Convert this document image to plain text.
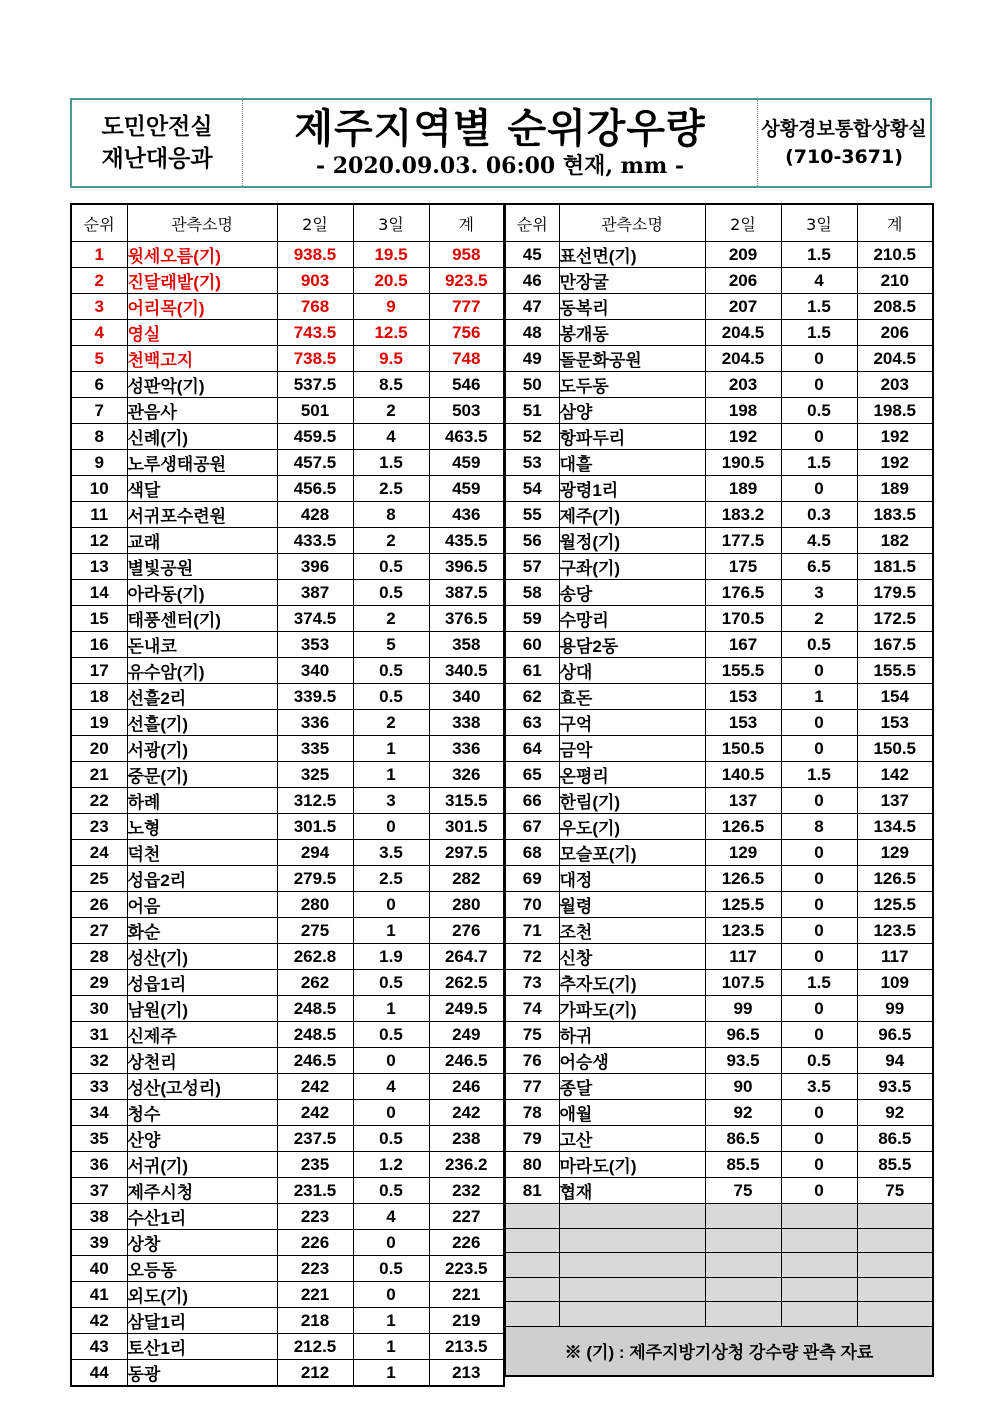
도민안전실
재난대응과
제주지역별 순위강우량
- 2020.09.03. 06:00 현재, mm -
상황경보통합상황실
(710-3671)
순위	관측소명	2일	3일	계
1	윗세오름(기)	938.5	19.5	958
2	진달래밭(기)	903	20.5	923.5
3	어리목(기)	768	9	777
4	영실	743.5	12.5	756
5	천백고지	738.5	9.5	748
6	성판악(기)	537.5	8.5	546
7	관음사	501	2	503
8	신례(기)	459.5	4	463.5
9	노루생태공원	457.5	1.5	459
10	색달	456.5	2.5	459
11	서귀포수련원	428	8	436
12	교래	433.5	2	435.5
13	별빛공원	396	0.5	396.5
14	아라동(기)	387	0.5	387.5
15	태풍센터(기)	374.5	2	376.5
16	돈내코	353	5	358
17	유수암(기)	340	0.5	340.5
18	선흘2리	339.5	0.5	340
19	선흘(기)	336	2	338
20	서광(기)	335	1	336
21	중문(기)	325	1	326
22	하례	312.5	3	315.5
23	노형	301.5	0	301.5
24	덕천	294	3.5	297.5
25	성읍2리	279.5	2.5	282
26	어음	280	0	280
27	화순	275	1	276
28	성산(기)	262.8	1.9	264.7
29	성읍1리	262	0.5	262.5
30	남원(기)	248.5	1	249.5
31	신제주	248.5	0.5	249
32	상천리	246.5	0	246.5
33	성산(고성리)	242	4	246
34	청수	242	0	242
35	산양	237.5	0.5	238
36	서귀(기)	235	1.2	236.2
37	제주시청	231.5	0.5	232
38	수산1리	223	4	227
39	상창	226	0	226
40	오등동	223	0.5	223.5
41	외도(기)	221	0	221
42	삼달1리	218	1	219
43	토산1리	212.5	1	213.5
44	동광	212	1	213
순위	관측소명	2일	3일	계
45	표선면(기)	209	1.5	210.5
46	만장굴	206	4	210
47	동복리	207	1.5	208.5
48	봉개동	204.5	1.5	206
49	돌문화공원	204.5	0	204.5
50	도두동	203	0	203
51	삼양	198	0.5	198.5
52	항파두리	192	0	192
53	대흘	190.5	1.5	192
54	광령1리	189	0	189
55	제주(기)	183.2	0.3	183.5
56	월정(기)	177.5	4.5	182
57	구좌(기)	175	6.5	181.5
58	송당	176.5	3	179.5
59	수망리	170.5	2	172.5
60	용담2동	167	0.5	167.5
61	상대	155.5	0	155.5
62	효돈	153	1	154
63	구억	153	0	153
64	금악	150.5	0	150.5
65	온평리	140.5	1.5	142
66	한림(기)	137	0	137
67	우도(기)	126.5	8	134.5
68	모슬포(기)	129	0	129
69	대정	126.5	0	126.5
70	월령	125.5	0	125.5
71	조천	123.5	0	123.5
72	신창	117	0	117
73	추자도(기)	107.5	1.5	109
74	가파도(기)	99	0	99
75	하귀	96.5	0	96.5
76	어승생	93.5	0.5	94
77	종달	90	3.5	93.5
78	애월	92	0	92
79	고산	86.5	0	86.5
80	마라도(기)	85.5	0	85.5
81	협재	75	0	75

※ (기) : 제주지방기상청 강수량 관측 자료				
